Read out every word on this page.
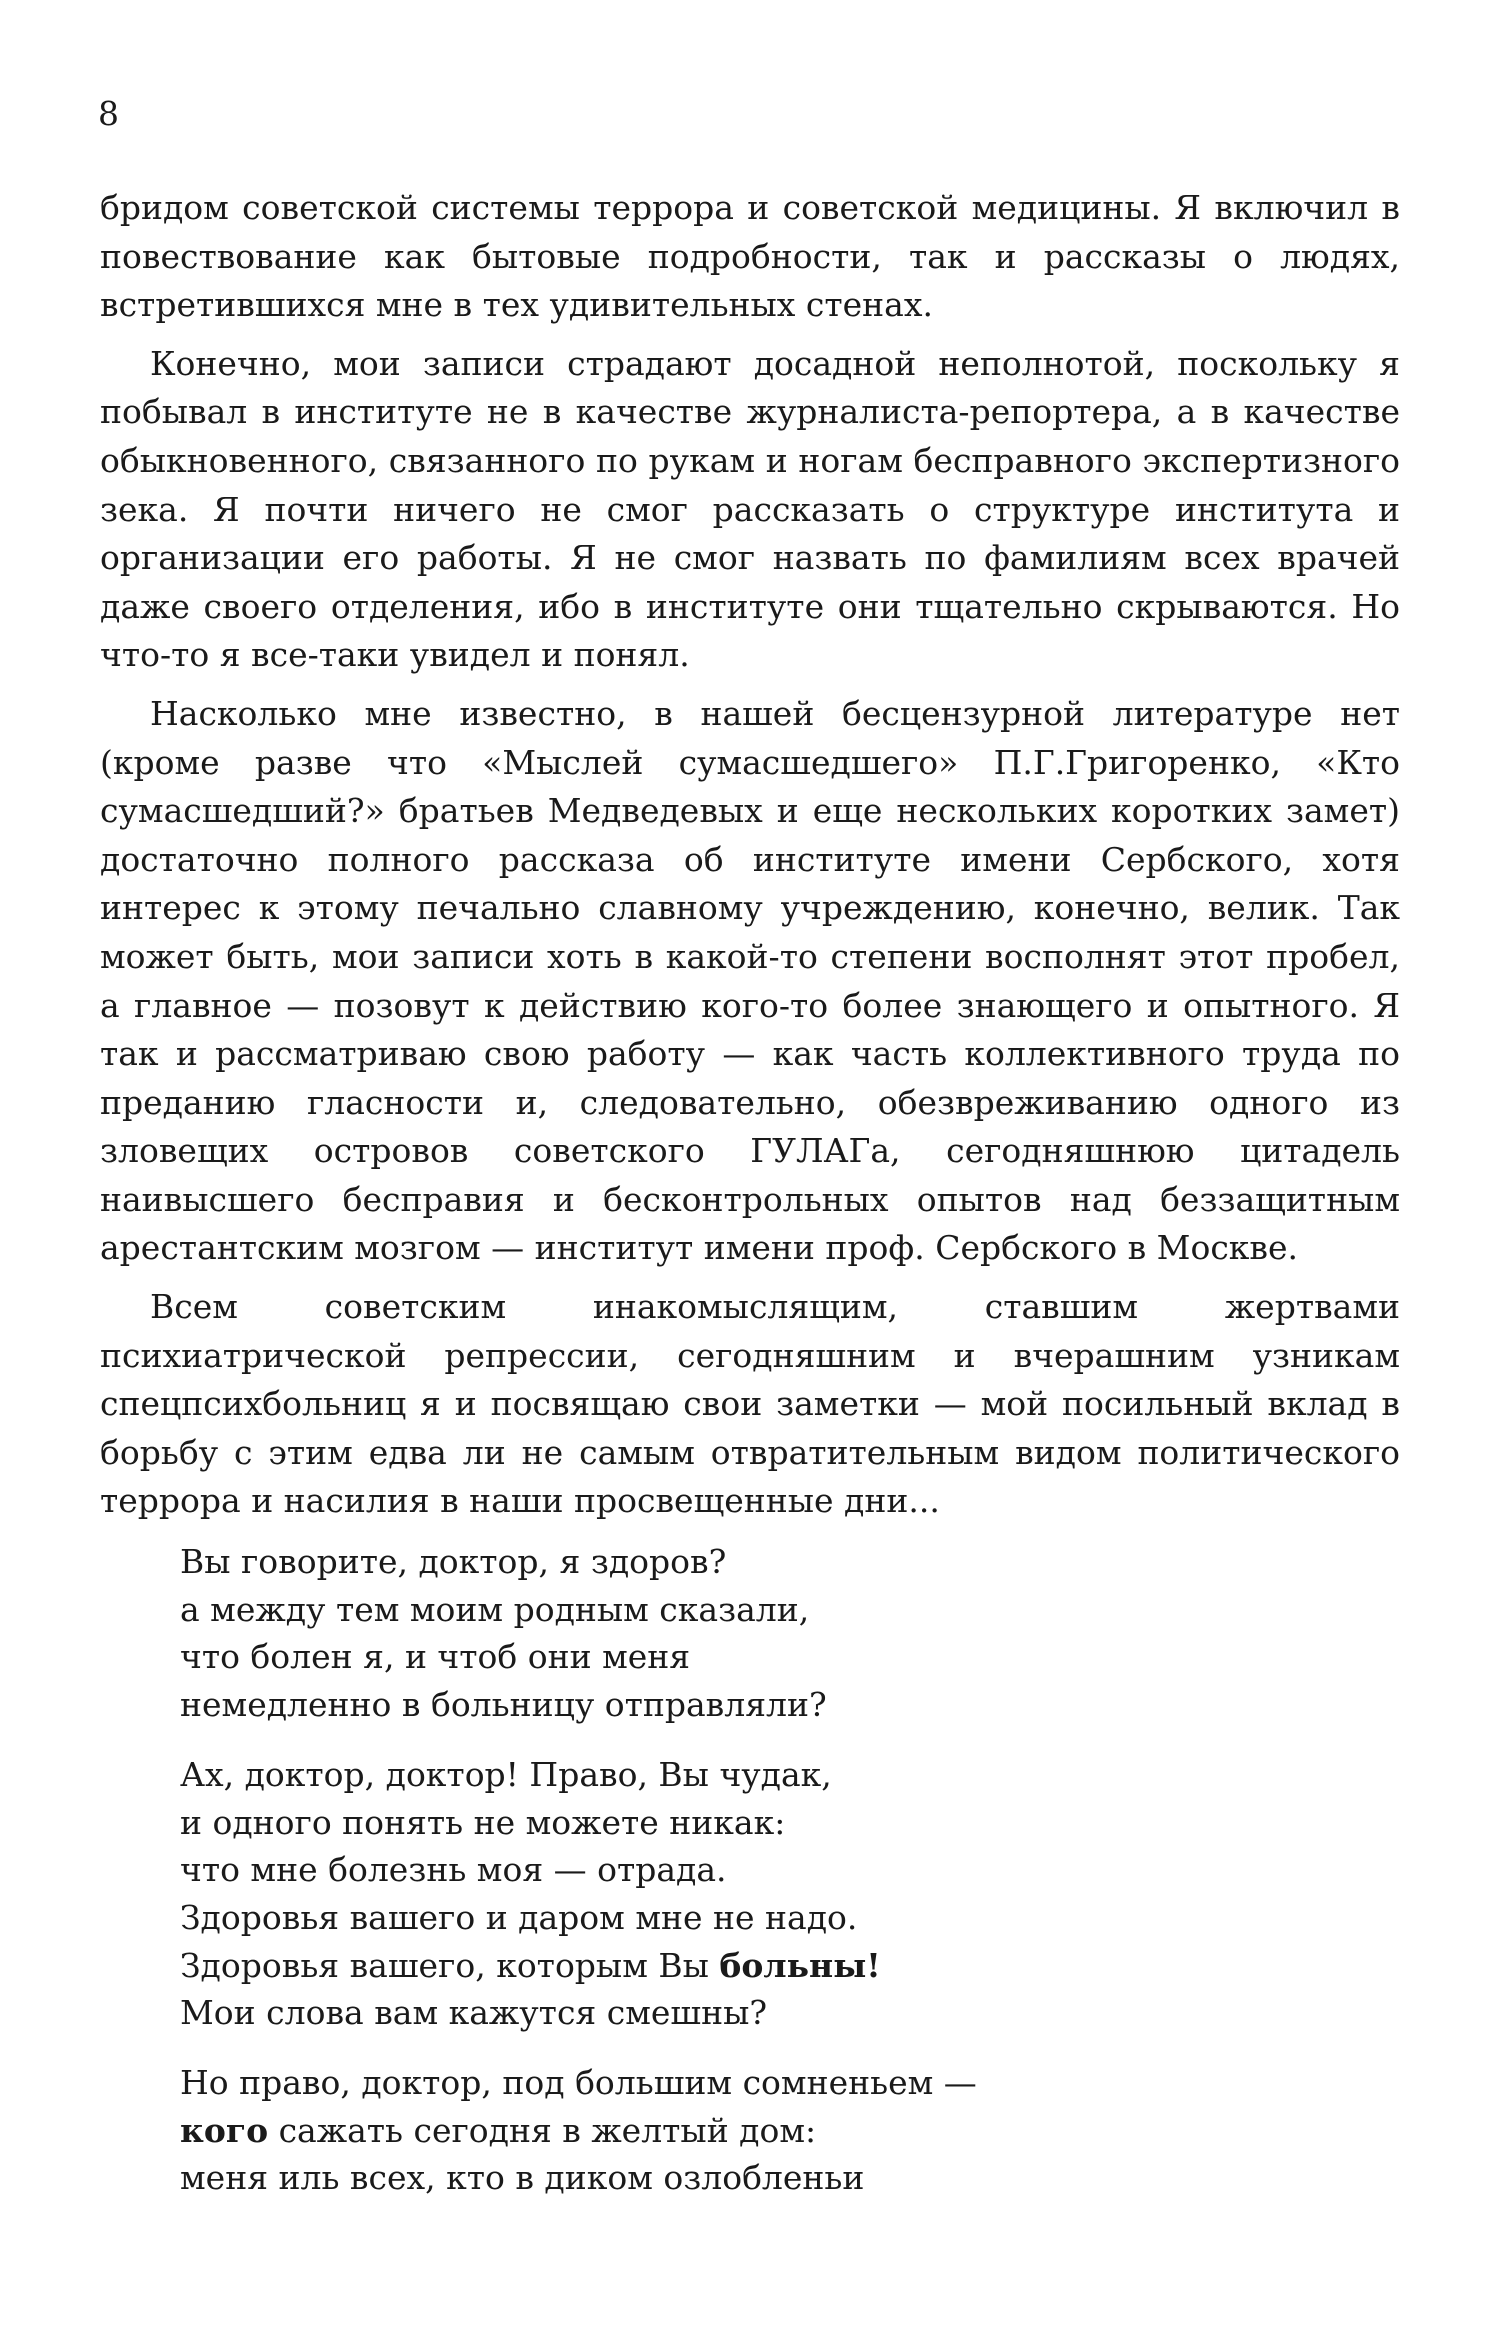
8

бридом советской системы террора и советской медицины. Я включил в повествование как бытовые подробности, так и рассказы о людях, встретившихся мне в тех удивительных стенах.

Конечно, мои записи страдают досадной неполнотой, поскольку я побывал в институте не в качестве журналиста-репортера, а в качестве обыкновенного, связанного по рукам и ногам бесправного экспертизного зека. Я почти ничего не смог рассказать о структуре института и организации его работы. Я не смог назвать по фамилиям всех врачей даже своего отделения, ибо в институте они тщательно скрываются. Но что-то я все-таки увидел и понял.

Насколько мне известно, в нашей бесцензурной литературе нет (кроме разве что «Мыслей сумасшедшего» П.Г.Григоренко, «Кто сумасшедший?» братьев Медведевых и еще нескольких коротких замет) достаточно полного рассказа об институте имени Сербского, хотя интерес к этому печально славному учреждению, конечно, велик. Так может быть, мои записи хоть в какой-то степени восполнят этот пробел, а главное — позовут к действию кого-то более знающего и опытного. Я так и рассматриваю свою работу — как часть коллективного труда по преданию гласности и, следовательно, обезвреживанию одного из зловещих островов советского ГУЛАГа, сегодняшнюю цитадель наивысшего бесправия и бесконтрольных опытов над беззащитным арестантским мозгом — институт имени проф. Сербского в Москве.

Всем советским инакомыслящим, ставшим жертвами психиатрической репрессии, сегодняшним и вчерашним узникам спецпсихбольниц я и посвящаю свои заметки — мой посильный вклад в борьбу с этим едва ли не самым отвратительным видом политического террора и насилия в наши просвещенные дни...

Вы говорите, доктор, я здоров?
а между тем моим родным сказали,
что болен я, и чтоб они меня
немедленно в больницу отправляли?
Ах, доктор, доктор! Право, Вы чудак,
и одного понять не можете никак:
что мне болезнь моя — отрада.
Здоровья вашего и даром мне не надо.
Здоровья вашего, которым Вы больны!
Мои слова вам кажутся смешны?
Но право, доктор, под большим сомненьем —
кого сажать сегодня в желтый дом:
меня иль всех, кто в диком озлобленьи
